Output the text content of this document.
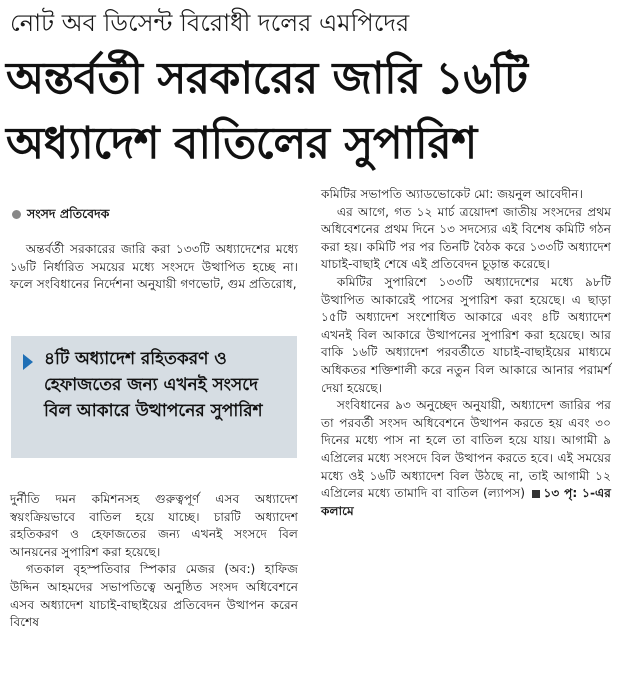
নোট অব ডিসেন্ট বিরোধী দলের এমপিদের
অন্তর্বর্তী সরকারের জারি ১৬টি
অধ্যাদেশ বাতিলের সুপারিশ
সংসদ প্রতিবেদক

অন্তর্বর্তী সরকারের জারি করা ১৩৩টি অধ্যাদেশের মধ্যে ১৬টি নির্ধারিত সময়ের মধ্যে সংসদে উত্থাপিত হচ্ছে না। ফলে সংবিধানের নির্দেশনা অনুযায়ী গণভোট, গুম প্রতিরোধ,

৪টি অধ্যাদেশ রহিতকরণ ও হেফাজতের জন্য এখনই সংসদে বিল আকারে উত্থাপনের সুপারিশ

দুর্নীতি দমন কমিশনসহ গুরুত্বপূর্ণ এসব অধ্যাদেশ স্বয়ংক্রিয়ভাবে বাতিল হয়ে যাচ্ছে। চারটি অধ্যাদেশ রহতিকরণ ও হেফাজতের জন্য এখনই সংসদে বিল আনয়নের সুপারিশ করা হয়েছে।

গতকাল বৃহস্পতিবার স্পিকার মেজর (অব:) হাফিজ উদ্দিন আহমদের সভাপতিত্বে অনুষ্ঠিত সংসদ অধিবেশনে এসব অধ্যাদেশ যাচাই-বাছাইয়ের প্রতিবেদন উত্থাপন করেন বিশেষ

কমিটির সভাপতি অ্যাডভোকেট মো: জয়নুল আবেদীন।

এর আগে, গত ১২ মার্চ ত্রয়োদশ জাতীয় সংসদের প্রথম অধিবেশনের প্রথম দিনে ১৩ সদস্যের এই বিশেষ কমিটি গঠন করা হয়। কমিটি পর পর তিনটি বৈঠক করে ১৩৩টি অধ্যাদেশ যাচাই-বাছাই শেষে এই প্রতিবেদন চূড়ান্ত করেছে।

কমিটির সুপারিশে ১৩৩টি অধ্যাদেশের মধ্যে ৯৮টি উত্থাপিত আকারেই পাসের সুপারিশ করা হয়েছে। এ ছাড়া ১৫টি অধ্যাদেশ সংশোধিত আকারে এবং ৪টি অধ্যাদেশ এখনই বিল আকারে উত্থাপনের সুপারিশ করা হয়েছে। আর বাকি ১৬টি অধ্যাদেশ পরবর্তীতে যাচাই-বাছাইয়ের মাধ্যমে অধিকতর শক্তিশালী করে নতুন বিল আকারে আনার পরামর্শ দেয়া হয়েছে।

সংবিধানের ৯৩ অনুচ্ছেদ অনুযায়ী, অধ্যাদেশ জারির পর তা পরবর্তী সংসদ অধিবেশনে উত্থাপন করতে হয় এবং ৩০ দিনের মধ্যে পাস না হলে তা বাতিল হয়ে যায়। আগামী ৯ এপ্রিলের মধ্যে সংসদে বিল উত্থাপন করতে হবে। এই সময়ের মধ্যে ওই ১৬টি অধ্যাদেশ বিল উঠছে না, তাই আগামী ১২ এপ্রিলের মধ্যে তামাদি বা বাতিল (ল্যাপস) ১৩ পৃ: ১-এর কলামে
